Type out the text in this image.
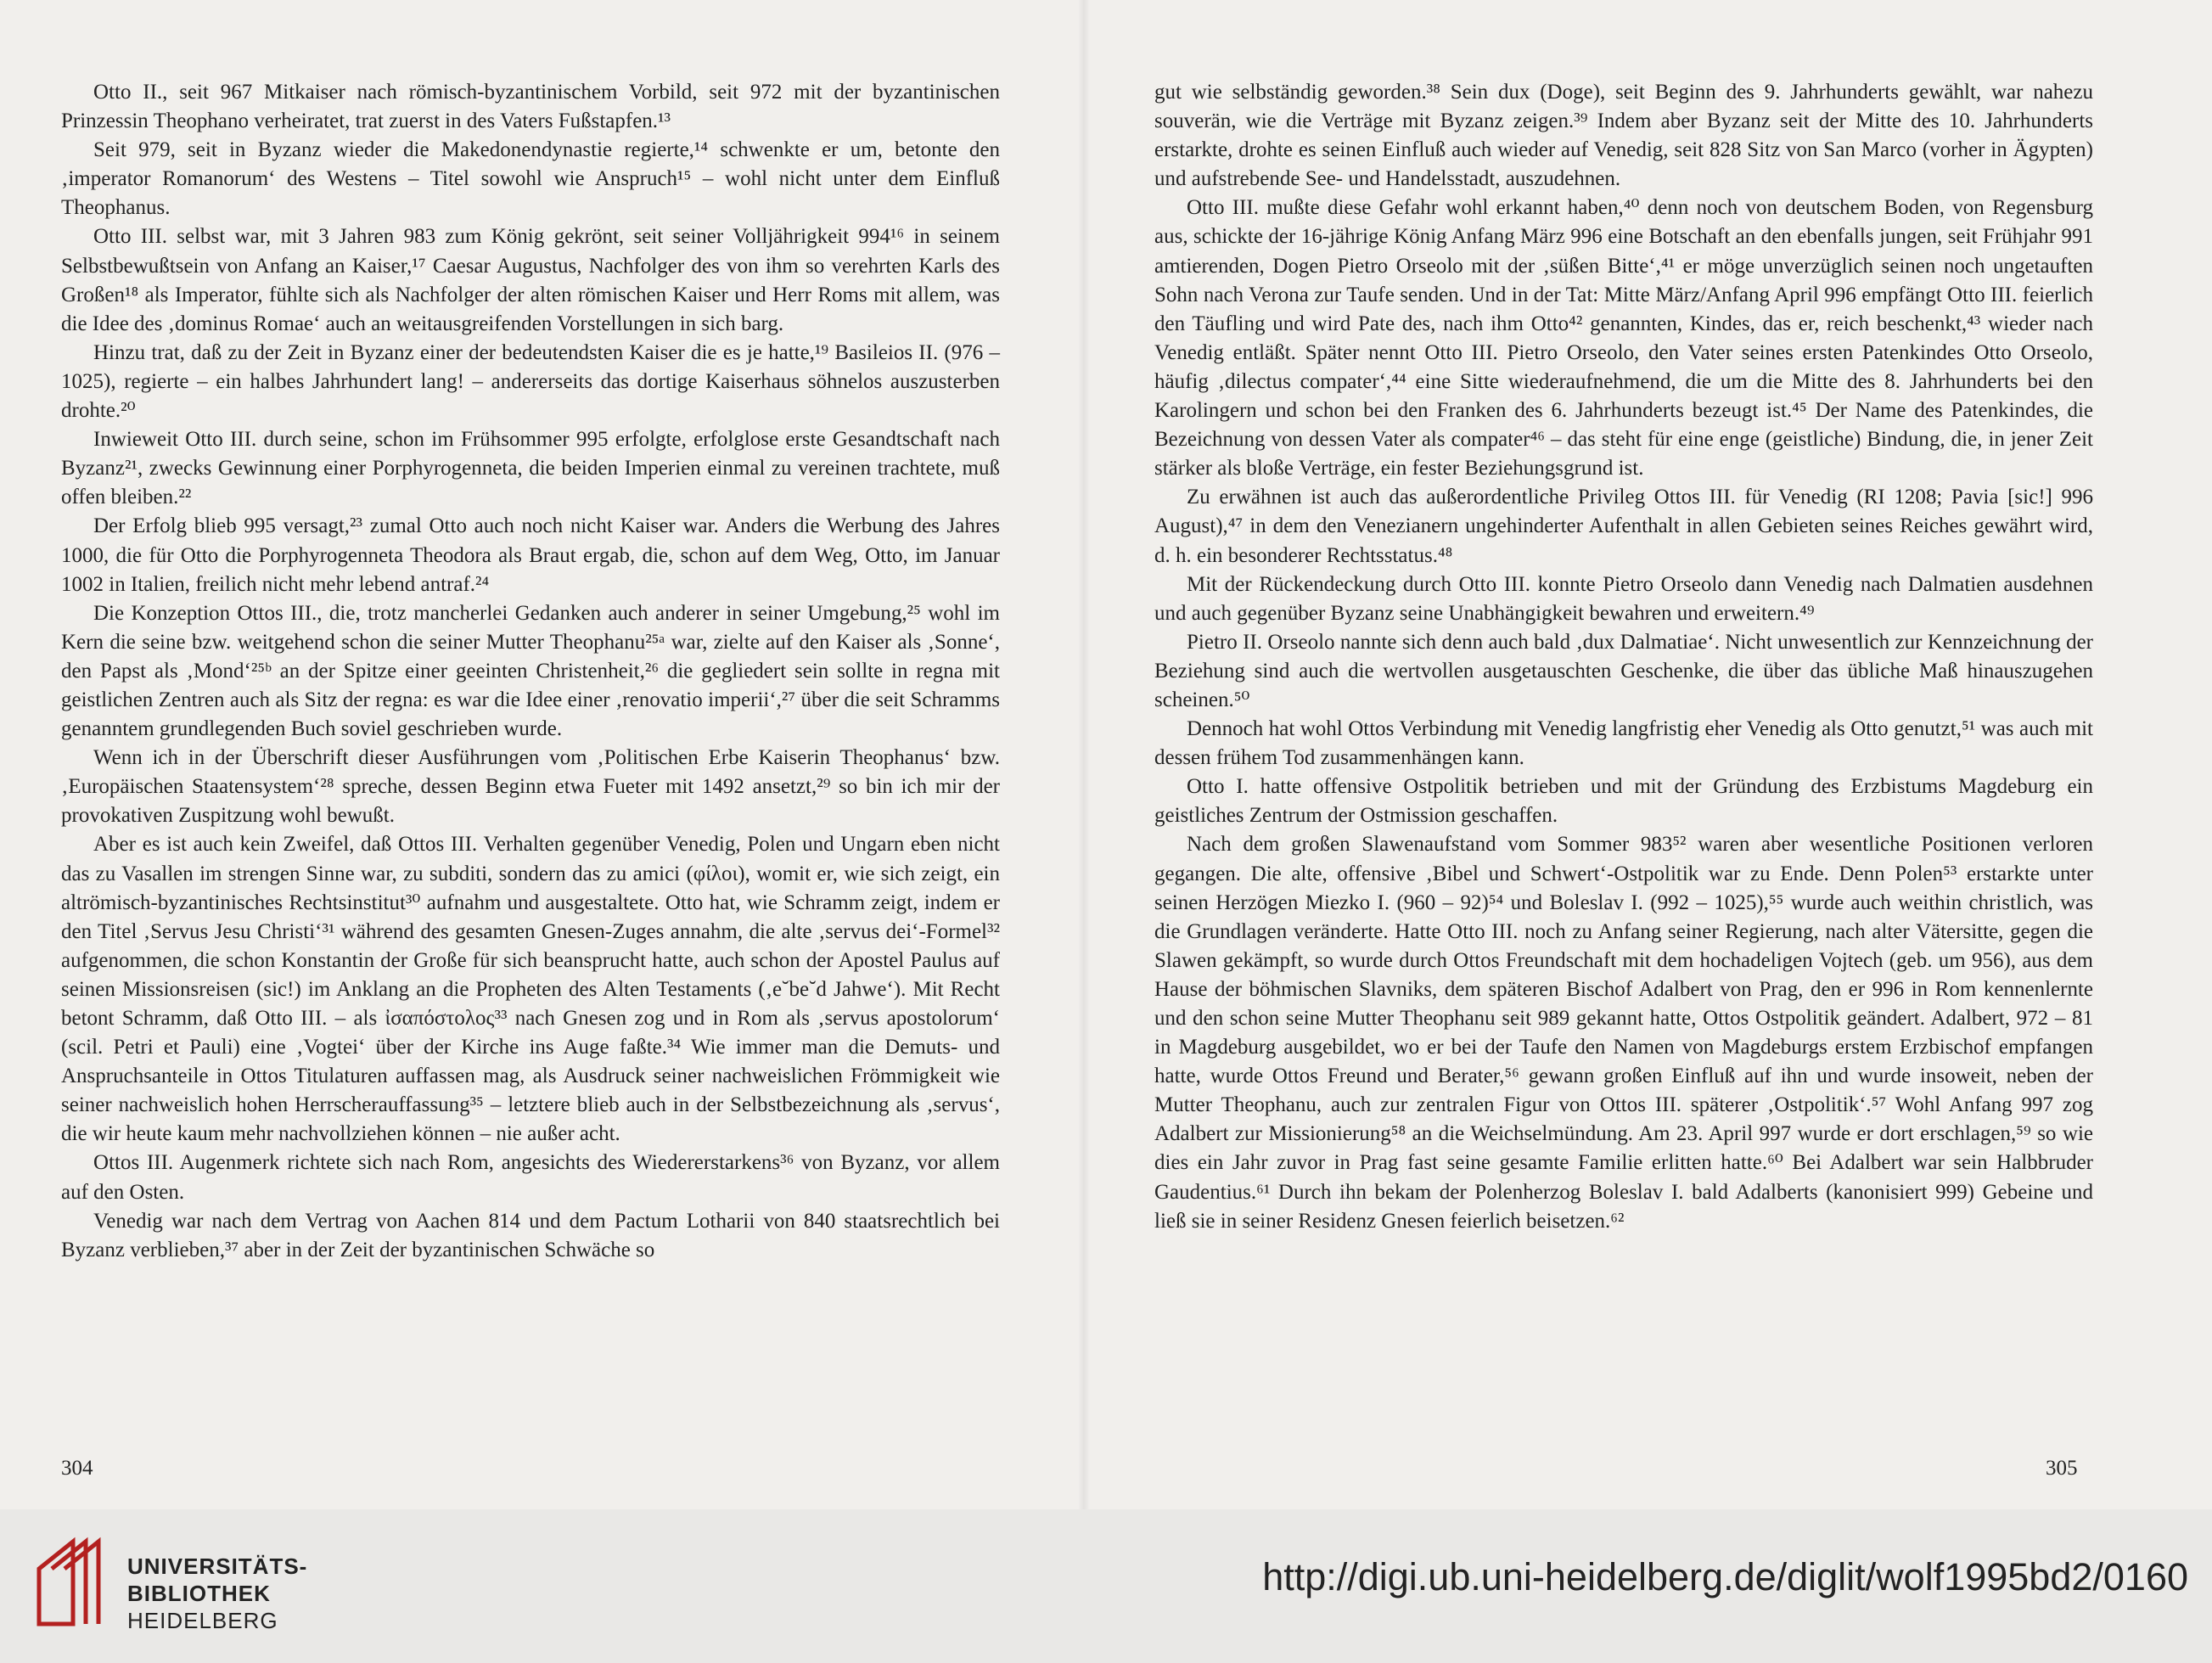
Otto II., seit 967 Mitkaiser nach römisch-byzantinischem Vorbild, seit 972 mit der byzantinischen Prinzessin Theophano verheiratet, trat zuerst in des Vaters Fußstapfen.¹³

Seit 979, seit in Byzanz wieder die Makedonendynastie regierte,¹⁴ schwenkte er um, betonte den ‚imperator Romanorum‘ des Westens – Titel sowohl wie Anspruch¹⁵ – wohl nicht unter dem Einfluß Theophanus.

Otto III. selbst war, mit 3 Jahren 983 zum König gekrönt, seit seiner Volljährigkeit 994¹⁶ in seinem Selbstbewußtsein von Anfang an Kaiser,¹⁷ Caesar Augustus, Nachfolger des von ihm so verehrten Karls des Großen¹⁸ als Imperator, fühlte sich als Nachfolger der alten römischen Kaiser und Herr Roms mit allem, was die Idee des ‚dominus Romae‘ auch an weitausgreifenden Vorstellungen in sich barg.

Hinzu trat, daß zu der Zeit in Byzanz einer der bedeutendsten Kaiser die es je hatte,¹⁹ Basileios II. (976 – 1025), regierte – ein halbes Jahrhundert lang! – andererseits das dortige Kaiserhaus söhnelos auszusterben drohte.²⁰

Inwieweit Otto III. durch seine, schon im Frühsommer 995 erfolgte, erfolglose erste Gesandtschaft nach Byzanz²¹, zwecks Gewinnung einer Porphyrogenneta, die beiden Imperien einmal zu vereinen trachtete, muß offen bleiben.²²

Der Erfolg blieb 995 versagt,²³ zumal Otto auch noch nicht Kaiser war. Anders die Werbung des Jahres 1000, die für Otto die Porphyrogenneta Theodora als Braut ergab, die, schon auf dem Weg, Otto, im Januar 1002 in Italien, freilich nicht mehr lebend antraf.²⁴

Die Konzeption Ottos III., die, trotz mancherlei Gedanken auch anderer in seiner Umgebung,²⁵ wohl im Kern die seine bzw. weitgehend schon die seiner Mutter Theophanu²⁵ᵃ war, zielte auf den Kaiser als ‚Sonne‘, den Papst als ‚Mond‘²⁵ᵇ an der Spitze einer geeinten Christenheit,²⁶ die gegliedert sein sollte in regna mit geistlichen Zentren auch als Sitz der regna: es war die Idee einer ‚renovatio imperii‘,²⁷ über die seit Schramms genanntem grundlegenden Buch soviel geschrieben wurde.

Wenn ich in der Überschrift dieser Ausführungen vom ‚Politischen Erbe Kaiserin Theophanus‘ bzw. ‚Europäischen Staatensystem‘²⁸ spreche, dessen Beginn etwa Fueter mit 1492 ansetzt,²⁹ so bin ich mir der provokativen Zuspitzung wohl bewußt.

Aber es ist auch kein Zweifel, daß Ottos III. Verhalten gegenüber Venedig, Polen und Ungarn eben nicht das zu Vasallen im strengen Sinne war, zu subditi, sondern das zu amici (φίλοι), womit er, wie sich zeigt, ein altrömisch-byzantinisches Rechtsinstitut³⁰ aufnahm und ausgestaltete. Otto hat, wie Schramm zeigt, indem er den Titel ‚Servus Jesu Christi‘³¹ während des gesamten Gnesen-Zuges annahm, die alte ‚servus dei‘-Formel³² aufgenommen, die schon Konstantin der Große für sich beansprucht hatte, auch schon der Apostel Paulus auf seinen Missionsreisen (sic!) im Anklang an die Propheten des Alten Testaments (‚e˘be˘d Jahwe‘). Mit Recht betont Schramm, daß Otto III. – als ἰσαπόστολος³³ nach Gnesen zog und in Rom als ‚servus apostolorum‘ (scil. Petri et Pauli) eine ‚Vogtei‘ über der Kirche ins Auge faßte.³⁴ Wie immer man die Demuts- und Anspruchsanteile in Ottos Titulaturen auffassen mag, als Ausdruck seiner nachweislichen Frömmigkeit wie seiner nachweislich hohen Herrscherauffassung³⁵ – letztere blieb auch in der Selbstbezeichnung als ‚servus‘, die wir heute kaum mehr nachvollziehen können – nie außer acht.

Ottos III. Augenmerk richtete sich nach Rom, angesichts des Wiedererstarkens³⁶ von Byzanz, vor allem auf den Osten.

Venedig war nach dem Vertrag von Aachen 814 und dem Pactum Lotharii von 840 staatsrechtlich bei Byzanz verblieben,³⁷ aber in der Zeit der byzantinischen Schwäche so

304

gut wie selbständig geworden.³⁸ Sein dux (Doge), seit Beginn des 9. Jahrhunderts gewählt, war nahezu souverän, wie die Verträge mit Byzanz zeigen.³⁹ Indem aber Byzanz seit der Mitte des 10. Jahrhunderts erstarkte, drohte es seinen Einfluß auch wieder auf Venedig, seit 828 Sitz von San Marco (vorher in Ägypten) und aufstrebende See- und Handelsstadt, auszudehnen.

Otto III. mußte diese Gefahr wohl erkannt haben,⁴⁰ denn noch von deutschem Boden, von Regensburg aus, schickte der 16-jährige König Anfang März 996 eine Botschaft an den ebenfalls jungen, seit Frühjahr 991 amtierenden, Dogen Pietro Orseolo mit der ‚süßen Bitte‘,⁴¹ er möge unverzüglich seinen noch ungetauften Sohn nach Verona zur Taufe senden. Und in der Tat: Mitte März/Anfang April 996 empfängt Otto III. feierlich den Täufling und wird Pate des, nach ihm Otto⁴² genannten, Kindes, das er, reich beschenkt,⁴³ wieder nach Venedig entläßt. Später nennt Otto III. Pietro Orseolo, den Vater seines ersten Patenkindes Otto Orseolo, häufig ‚dilectus compater‘,⁴⁴ eine Sitte wiederaufnehmend, die um die Mitte des 8. Jahrhunderts bei den Karolingern und schon bei den Franken des 6. Jahrhunderts bezeugt ist.⁴⁵ Der Name des Patenkindes, die Bezeichnung von dessen Vater als compater⁴⁶ – das steht für eine enge (geistliche) Bindung, die, in jener Zeit stärker als bloße Verträge, ein fester Beziehungsgrund ist.

Zu erwähnen ist auch das außerordentliche Privileg Ottos III. für Venedig (RI 1208; Pavia [sic!] 996 August),⁴⁷ in dem den Venezianern ungehinderter Aufenthalt in allen Gebieten seines Reiches gewährt wird, d. h. ein besonderer Rechtsstatus.⁴⁸

Mit der Rückendeckung durch Otto III. konnte Pietro Orseolo dann Venedig nach Dalmatien ausdehnen und auch gegenüber Byzanz seine Unabhängigkeit bewahren und erweitern.⁴⁹

Pietro II. Orseolo nannte sich denn auch bald ‚dux Dalmatiae‘. Nicht unwesentlich zur Kennzeichnung der Beziehung sind auch die wertvollen ausgetauschten Geschenke, die über das übliche Maß hinauszugehen scheinen.⁵⁰

Dennoch hat wohl Ottos Verbindung mit Venedig langfristig eher Venedig als Otto genutzt,⁵¹ was auch mit dessen frühem Tod zusammenhängen kann.

Otto I. hatte offensive Ostpolitik betrieben und mit der Gründung des Erzbistums Magdeburg ein geistliches Zentrum der Ostmission geschaffen.

Nach dem großen Slawenaufstand vom Sommer 983⁵² waren aber wesentliche Positionen verloren gegangen. Die alte, offensive ‚Bibel und Schwert‘-Ostpolitik war zu Ende. Denn Polen⁵³ erstarkte unter seinen Herzögen Miezko I. (960 – 92)⁵⁴ und Boleslav I. (992 – 1025),⁵⁵ wurde auch weithin christlich, was die Grundlagen veränderte. Hatte Otto III. noch zu Anfang seiner Regierung, nach alter Vätersitte, gegen die Slawen gekämpft, so wurde durch Ottos Freundschaft mit dem hochadeligen Vojtech (geb. um 956), aus dem Hause der böhmischen Slavniks, dem späteren Bischof Adalbert von Prag, den er 996 in Rom kennenlernte und den schon seine Mutter Theophanu seit 989 gekannt hatte, Ottos Ostpolitik geändert. Adalbert, 972 – 81 in Magdeburg ausgebildet, wo er bei der Taufe den Namen von Magdeburgs erstem Erzbischof empfangen hatte, wurde Ottos Freund und Berater,⁵⁶ gewann großen Einfluß auf ihn und wurde insoweit, neben der Mutter Theophanu, auch zur zentralen Figur von Ottos III. späterer ‚Ostpolitik‘.⁵⁷ Wohl Anfang 997 zog Adalbert zur Missionierung⁵⁸ an die Weichselmündung. Am 23. April 997 wurde er dort erschlagen,⁵⁹ so wie dies ein Jahr zuvor in Prag fast seine gesamte Familie erlitten hatte.⁶⁰ Bei Adalbert war sein Halbbruder Gaudentius.⁶¹ Durch ihn bekam der Polenherzog Boleslav I. bald Adalberts (kanonisiert 999) Gebeine und ließ sie in seiner Residenz Gnesen feierlich beisetzen.⁶²

305
UNIVERSITÄTS-
BIBLIOTHEK
HEIDELBERG
http://digi.ub.uni-heidelberg.de/diglit/wolf1995bd2/0160
